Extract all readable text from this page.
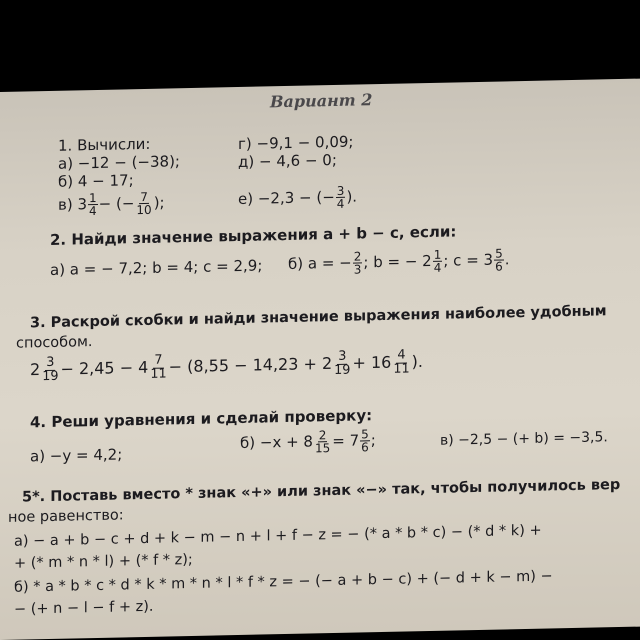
Вариант 2
1. Вычисли:
а) −12 − (−38);
б) 4 − 17;
в) $3 \frac{1}{4}$ − (− $\frac{7}{10}$ );
г) −9,1 − 0,09;
д) − 4,6 − 0;
е) −2,3 − (− $\frac{3}{4}$ ).
2. Найди значение выражения a + b − c, если:
а) a = − 7,2; b = 4; c = 2,9; б) a = − $\frac{2}{3}$ ; b = − $2 \frac{1}{4}$ ; $c = 3 \frac{5}{6}$ .
3. Раскрой скобки и найди значение выражения наиболее удобным
способом.
$2 \frac{3}{19} - 2,45 - 4 \frac{7}{11} - (8,55 - 14,23 + 2 \frac{3}{19} + 16 \frac{4}{11}$ ).
4. Реши уравнения и сделай проверку:
а) −y = 4,2;
$б) -x + 8 \frac{2}{15} = 7 \frac{5}{6}$ ;	в) −2,5 − (+ b) = −3,5.
5*. Поставь вместо * знак «+» или знак «−» так, чтобы получилось вер
ное равенство:
а) − a + b − c + d + k − m − n + l + f − z = − (* a * b * c) − (* d * k) +
+ (* m * n * l) + (* f * z);
б) * a * b * c * d * k * m * n * l * f * z = − (− a + b − c) + (− d + k − m) −
− (+ n − l − f + z).
